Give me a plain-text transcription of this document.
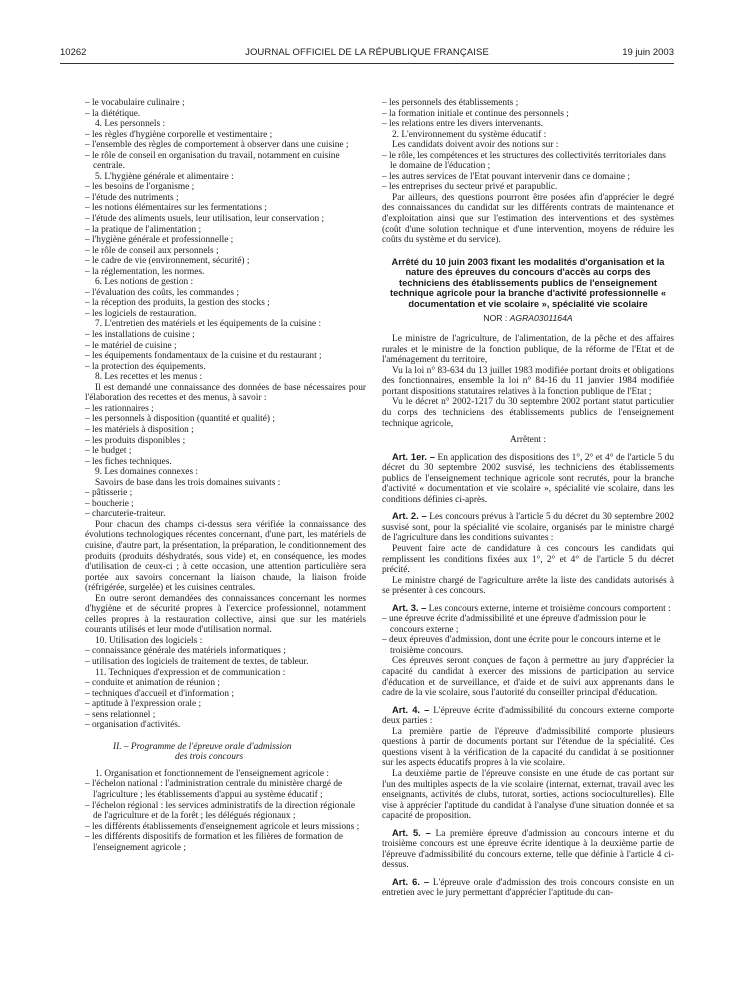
10262	JOURNAL OFFICIEL DE LA RÉPUBLIQUE FRANÇAISE	19 juin 2003

– le vocabulaire culinaire ;

– la diététique.

4. Les personnels :

– les règles d'hygiène corporelle et vestimentaire ;

– l'ensemble des règles de comportement à observer dans une cuisine ;

– le rôle de conseil en organisation du travail, notamment en cuisine centrale.

5. L'hygiène générale et alimentaire :

– les besoins de l'organisme ;

– l'étude des nutriments ;

– les notions élémentaires sur les fermentations ;

– l'étude des aliments usuels, leur utilisation, leur conservation ;

– la pratique de l'alimentation ;

– l'hygiène générale et professionnelle ;

– le rôle de conseil aux personnels ;

– le cadre de vie (environnement, sécurité) ;

– la réglementation, les normes.

6. Les notions de gestion :

– l'évaluation des coûts, les commandes ;

– la réception des produits, la gestion des stocks ;

– les logiciels de restauration.

7. L'entretien des matériels et les équipements de la cuisine :

– les installations de cuisine ;

– le matériel de cuisine ;

– les équipements fondamentaux de la cuisine et du restaurant ;

– la protection des équipements.

8. Les recettes et les menus :

Il est demandé une connaissance des données de base nécessaires pour l'élaboration des recettes et des menus, à savoir :

– les rationnaires ;

– les personnels à disposition (quantité et qualité) ;

– les matériels à disposition ;

– les produits disponibles ;

– le budget ;

– les fiches techniques.

9. Les domaines connexes :

Savoirs de base dans les trois domaines suivants :

– pâtisserie ;

– boucherie ;

– charcuterie-traiteur.

Pour chacun des champs ci-dessus sera vérifiée la connaissance des évolutions technologiques récentes concernant, d'une part, les matériels de cuisine, d'autre part, la présentation, la préparation, le conditionnement des produits (produits déshydratés, sous vide) et, en conséquence, les modes d'utilisation de ceux-ci ; à cette occasion, une attention particulière sera portée aux savoirs concernant la liaison chaude, la liaison froide (réfrigérée, surgelée) et les cuisines centrales.

En outre seront demandées des connaissances concernant les normes d'hygiène et de sécurité propres à l'exercice professionnel, notamment celles propres à la restauration collective, ainsi que sur les matériels courants utilisés et leur mode d'utilisation normal.

10. Utilisation des logiciels :

– connaissance générale des matériels informatiques ;

– utilisation des logiciels de traitement de textes, de tableur.

11. Techniques d'expression et de communication :

– conduite et animation de réunion ;

– techniques d'accueil et d'information ;

– aptitude à l'expression orale ;

– sens relationnel ;

– organisation d'activités.

II. – Programme de l'épreuve orale d'admission
des trois concours

1. Organisation et fonctionnement de l'enseignement agricole :

– l'échelon national : l'administration centrale du ministère chargé de l'agriculture ; les établissements d'appui au système éducatif ;

– l'échelon régional : les services administratifs de la direction régionale de l'agriculture et de la forêt ; les délégués régionaux ;

– les différents établissements d'enseignement agricole et leurs missions ;

– les différents dispositifs de formation et les filières de formation de l'enseignement agricole ;

– les personnels des établissements ;

– la formation initiale et continue des personnels ;

– les relations entre les divers intervenants.

2. L'environnement du système éducatif :

Les candidats doivent avoir des notions sur :

– le rôle, les compétences et les structures des collectivités territoriales dans le domaine de l'éducation ;

– les autres services de l'Etat pouvant intervenir dans ce domaine ;

– les entreprises du secteur privé et parapublic.

Par ailleurs, des questions pourront être posées afin d'apprécier le degré des connaissances du candidat sur les différents contrats de maintenance et d'exploitation ainsi que sur l'estimation des interventions et des systèmes (coût d'une solution technique et d'une intervention, moyens de réduire les coûts du système et du service).

Arrêté du 10 juin 2003 fixant les modalités d'organisation et la nature des épreuves du concours d'accès au corps des techniciens des établissements publics de l'enseignement technique agricole pour la branche d'activité professionnelle « documentation et vie scolaire », spécialité vie scolaire

NOR : AGRA0301164A

Le ministre de l'agriculture, de l'alimentation, de la pêche et des affaires rurales et le ministre de la fonction publique, de la réforme de l'Etat et de l'aménagement du territoire,

Vu la loi n° 83-634 du 13 juillet 1983 modifiée portant droits et obligations des fonctionnaires, ensemble la loi n° 84-16 du 11 janvier 1984 modifiée portant dispositions statutaires relatives à la fonction publique de l'Etat ;

Vu le décret n° 2002-1217 du 30 septembre 2002 portant statut particulier du corps des techniciens des établissements publics de l'enseignement technique agricole,

Arrêtent :

Art. 1er. – En application des dispositions des 1°, 2° et 4° de l'article 5 du décret du 30 septembre 2002 susvisé, les techniciens des établissements publics de l'enseignement technique agricole sont recrutés, pour la branche d'activité « documentation et vie scolaire », spécialité vie scolaire, dans les conditions définies ci-après.

Art. 2. – Les concours prévus à l'article 5 du décret du 30 septembre 2002 susvisé sont, pour la spécialité vie scolaire, organisés par le ministre chargé de l'agriculture dans les conditions suivantes :

Peuvent faire acte de candidature à ces concours les candidats qui remplissent les conditions fixées aux 1°, 2° et 4° de l'article 5 du décret précité.

Le ministre chargé de l'agriculture arrête la liste des candidats autorisés à se présenter à ces concours.

Art. 3. – Les concours externe, interne et troisième concours comportent :

– une épreuve écrite d'admissibilité et une épreuve d'admission pour le concours externe ;

– deux épreuves d'admission, dont une écrite pour le concours interne et le troisième concours.

Ces épreuves seront conçues de façon à permettre au jury d'apprécier la capacité du candidat à exercer des missions de participation au service d'éducation et de surveillance, et d'aide et de suivi aux apprenants dans le cadre de la vie scolaire, sous l'autorité du conseiller principal d'éducation.

Art. 4. – L'épreuve écrite d'admissibilité du concours externe comporte deux parties :

La première partie de l'épreuve d'admissibilité comporte plusieurs questions à partir de documents portant sur l'étendue de la spécialité. Ces questions visent à la vérification de la capacité du candidat à se positionner sur les aspects éducatifs propres à la vie scolaire.

La deuxième partie de l'épreuve consiste en une étude de cas portant sur l'un des multiples aspects de la vie scolaire (internat, externat, travail avec les enseignants, activités de clubs, tutorat, sorties, actions socioculturelles). Elle vise à apprécier l'aptitude du candidat à l'analyse d'une situation donnée et sa capacité de proposition.

Art. 5. – La première épreuve d'admission au concours interne et du troisième concours est une épreuve écrite identique à la deuxième partie de l'épreuve d'admissibilité du concours externe, telle que définie à l'article 4 ci-dessus.

Art. 6. – L'épreuve orale d'admission des trois concours consiste en un entretien avec le jury permettant d'apprécier l'aptitude du can-
